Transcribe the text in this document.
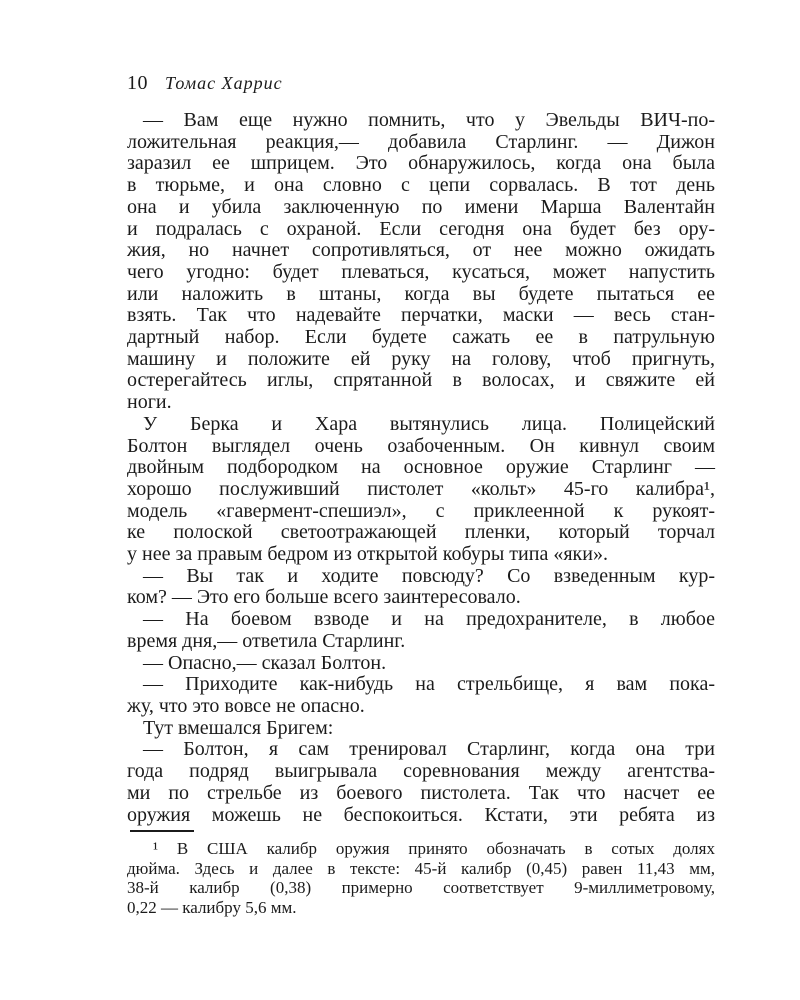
10 Томас Харрис
— Вам еще нужно помнить, что у Эвельды ВИЧ-по-
ложительная реакция,— добавила Старлинг. — Дижон
заразил ее шприцем. Это обнаружилось, когда она была
в тюрьме, и она словно с цепи сорвалась. В тот день
она и убила заключенную по имени Марша Валентайн
и подралась с охраной. Если сегодня она будет без ору-
жия, но начнет сопротивляться, от нее можно ожидать
чего угодно: будет плеваться, кусаться, может напустить
или наложить в штаны, когда вы будете пытаться ее
взять. Так что надевайте перчатки, маски — весь стан-
дартный набор. Если будете сажать ее в патрульную
машину и положите ей руку на голову, чтоб пригнуть,
остерегайтесь иглы, спрятанной в волосах, и свяжите ей
ноги.
У Берка и Хара вытянулись лица. Полицейский
Болтон выглядел очень озабоченным. Он кивнул своим
двойным подбородком на основное оружие Старлинг —
хорошо послуживший пистолет «кольт» 45-го калибра¹,
модель «гавермент-спешиэл», с приклеенной к рукоят-
ке полоской светоотражающей пленки, который торчал
у нее за правым бедром из открытой кобуры типа «яки».
— Вы так и ходите повсюду? Со взведенным кур-
ком? — Это его больше всего заинтересовало.
— На боевом взводе и на предохранителе, в любое
время дня,— ответила Старлинг.
— Опасно,— сказал Болтон.
— Приходите как-нибудь на стрельбище, я вам пока-
жу, что это вовсе не опасно.
Тут вмешался Бригем:
— Болтон, я сам тренировал Старлинг, когда она три
года подряд выигрывала соревнования между агентства-
ми по стрельбе из боевого пистолета. Так что насчет ее
оружия можешь не беспокоиться. Кстати, эти ребята из
¹ В США калибр оружия принято обозначать в сотых долях
дюйма. Здесь и далее в тексте: 45-й калибр (0,45) равен 11,43 мм,
38-й калибр (0,38) примерно соответствует 9-миллиметровому,
0,22 — калибру 5,6 мм.
